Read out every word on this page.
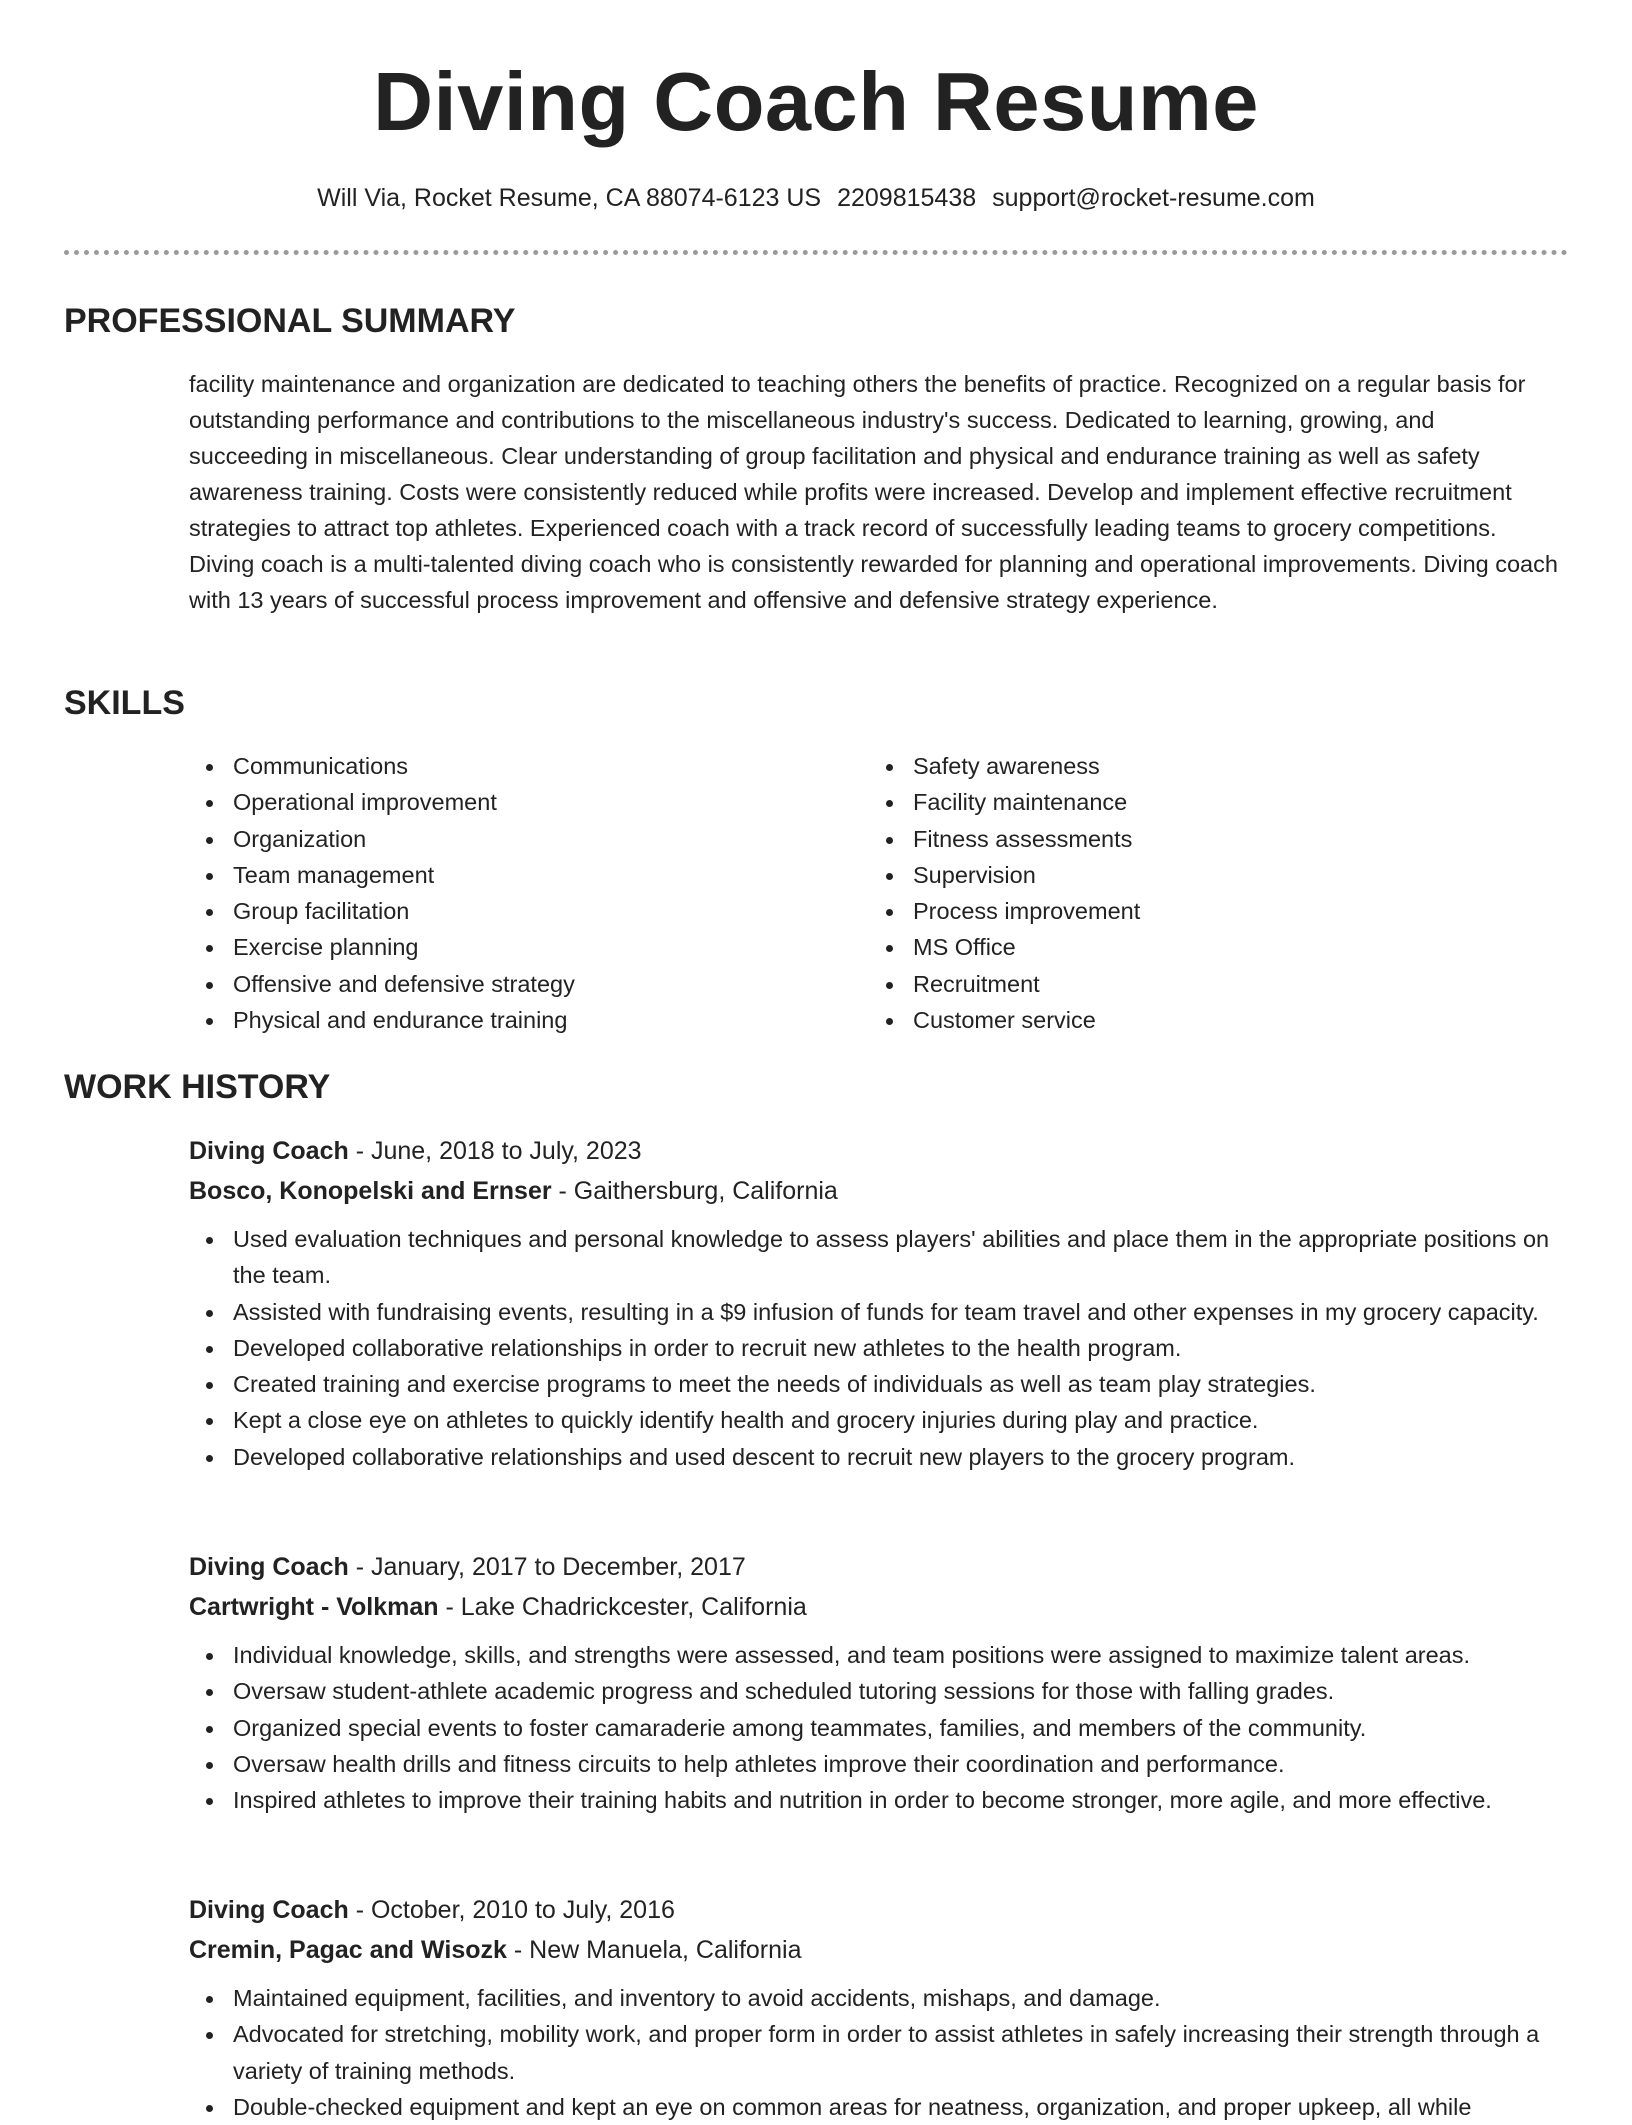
Diving Coach Resume
Will Via, Rocket Resume, CA 88074-6123 US 2209815438 support@rocket-resume.com
PROFESSIONAL SUMMARY

facility maintenance and organization are dedicated to teaching others the benefits of practice. Recognized on a regular basis for outstanding performance and contributions to the miscellaneous industry's success. Dedicated to learning, growing, and succeeding in miscellaneous. Clear understanding of group facilitation and physical and endurance training as well as safety awareness training. Costs were consistently reduced while profits were increased. Develop and implement effective recruitment strategies to attract top athletes. Experienced coach with a track record of successfully leading teams to grocery competitions. Diving coach is a multi-talented diving coach who is consistently rewarded for planning and operational improvements. Diving coach with 13 years of successful process improvement and offensive and defensive strategy experience.

SKILLS
Communications
Operational improvement
Organization
Team management
Group facilitation
Exercise planning
Offensive and defensive strategy
Physical and endurance training
Safety awareness
Facility maintenance
Fitness assessments
Supervision
Process improvement
MS Office
Recruitment
Customer service
WORK HISTORY
Diving Coach - June, 2018 to July, 2023
Bosco, Konopelski and Ernser - Gaithersburg, California
Used evaluation techniques and personal knowledge to assess players' abilities and place them in the appropriate positions on the team.
Assisted with fundraising events, resulting in a $9 infusion of funds for team travel and other expenses in my grocery capacity.
Developed collaborative relationships in order to recruit new athletes to the health program.
Created training and exercise programs to meet the needs of individuals as well as team play strategies.
Kept a close eye on athletes to quickly identify health and grocery injuries during play and practice.
Developed collaborative relationships and used descent to recruit new players to the grocery program.
Diving Coach - January, 2017 to December, 2017
Cartwright - Volkman - Lake Chadrickcester, California
Individual knowledge, skills, and strengths were assessed, and team positions were assigned to maximize talent areas.
Oversaw student-athlete academic progress and scheduled tutoring sessions for those with falling grades.
Organized special events to foster camaraderie among teammates, families, and members of the community.
Oversaw health drills and fitness circuits to help athletes improve their coordination and performance.
Inspired athletes to improve their training habits and nutrition in order to become stronger, more agile, and more effective.
Diving Coach - October, 2010 to July, 2016
Cremin, Pagac and Wisozk - New Manuela, California
Maintained equipment, facilities, and inventory to avoid accidents, mishaps, and damage.
Advocated for stretching, mobility work, and proper form in order to assist athletes in safely increasing their strength through a variety of training methods.
Double-checked equipment and kept an eye on common areas for neatness, organization, and proper upkeep, all while
